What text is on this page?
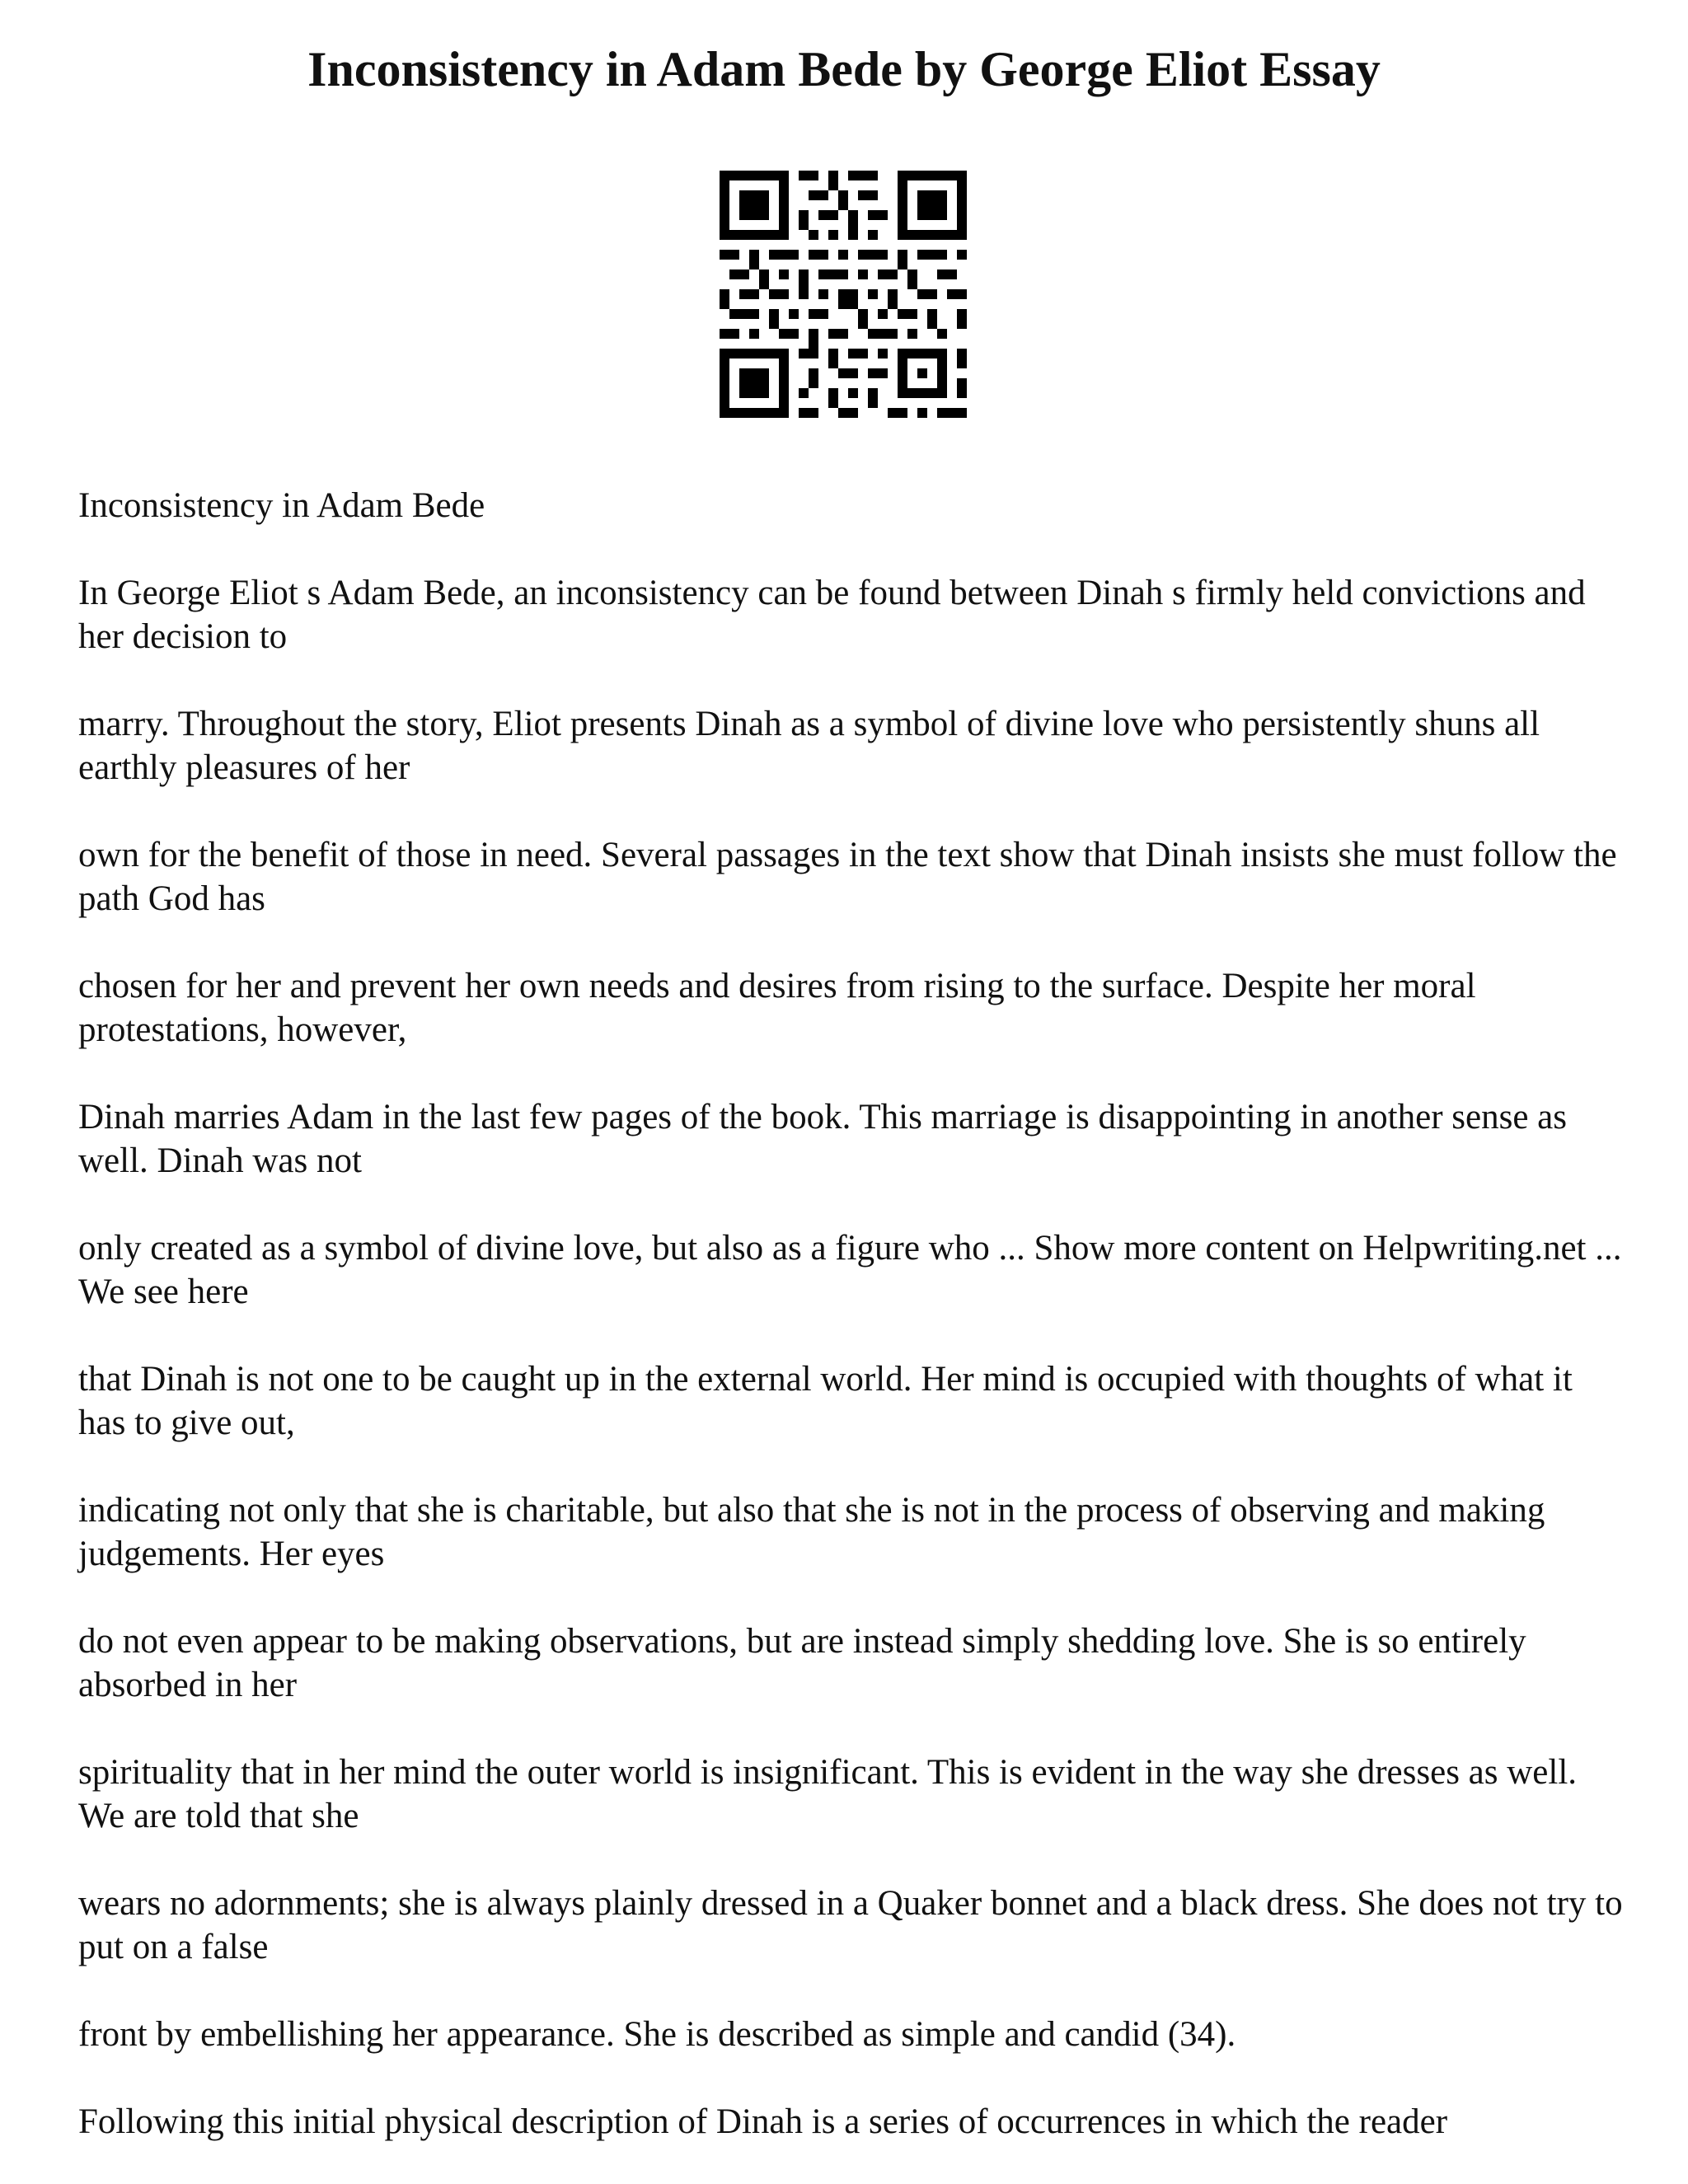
Inconsistency in Adam Bede by George Eliot Essay

Inconsistency in Adam Bede

In George Eliot s Adam Bede, an inconsistency can be found between Dinah s firmly held convictions and her decision to

marry. Throughout the story, Eliot presents Dinah as a symbol of divine love who persistently shuns all earthly pleasures of her

own for the benefit of those in need. Several passages in the text show that Dinah insists she must follow the path God has

chosen for her and prevent her own needs and desires from rising to the surface. Despite her moral protestations, however,

Dinah marries Adam in the last few pages of the book. This marriage is disappointing in another sense as well. Dinah was not

only created as a symbol of divine love, but also as a figure who ... Show more content on Helpwriting.net ...

We see here

that Dinah is not one to be caught up in the external world. Her mind is occupied with thoughts of what it has to give out,

indicating not only that she is charitable, but also that she is not in the process of observing and making judgements. Her eyes

do not even appear to be making observations, but are instead simply shedding love. She is so entirely absorbed in her

spirituality that in her mind the outer world is insignificant. This is evident in the way she dresses as well. We are told that she

wears no adornments; she is always plainly dressed in a Quaker bonnet and a black dress. She does not try to put on a false

front by embellishing her appearance. She is described as simple and candid (34).

Following this initial physical description of Dinah is a series of occurrences in which the reader
